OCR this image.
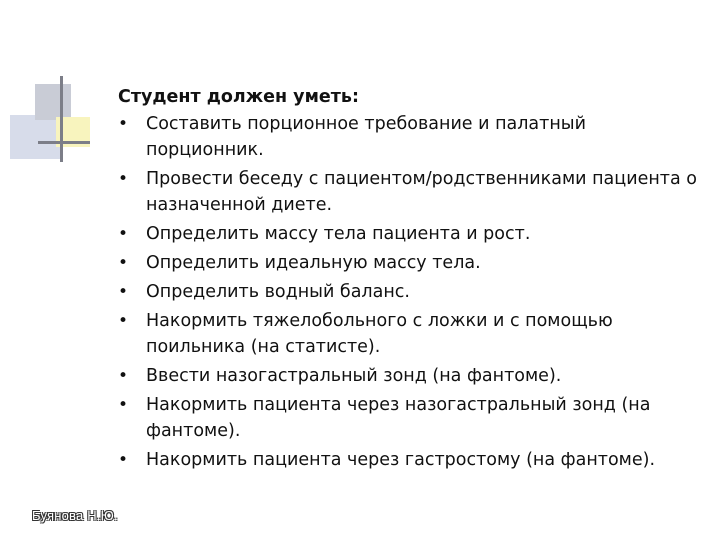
Студент должен уметь:

• Составить порционное требование и палатный порционник.
• Провести беседу с пациентом/родственниками пациента о назначенной диете.
• Определить массу тела пациента и рост.
• Определить идеальную массу тела.
• Определить водный баланс.
• Накормить тяжелобольного с ложки и с помощью поильника (на статисте).
• Ввести назогастральный зонд (на фантоме).
• Накормить пациента через назогастральный зонд (на фантоме).
• Накормить пациента через гастростому (на фантоме).
Буянова Н.Ю.
